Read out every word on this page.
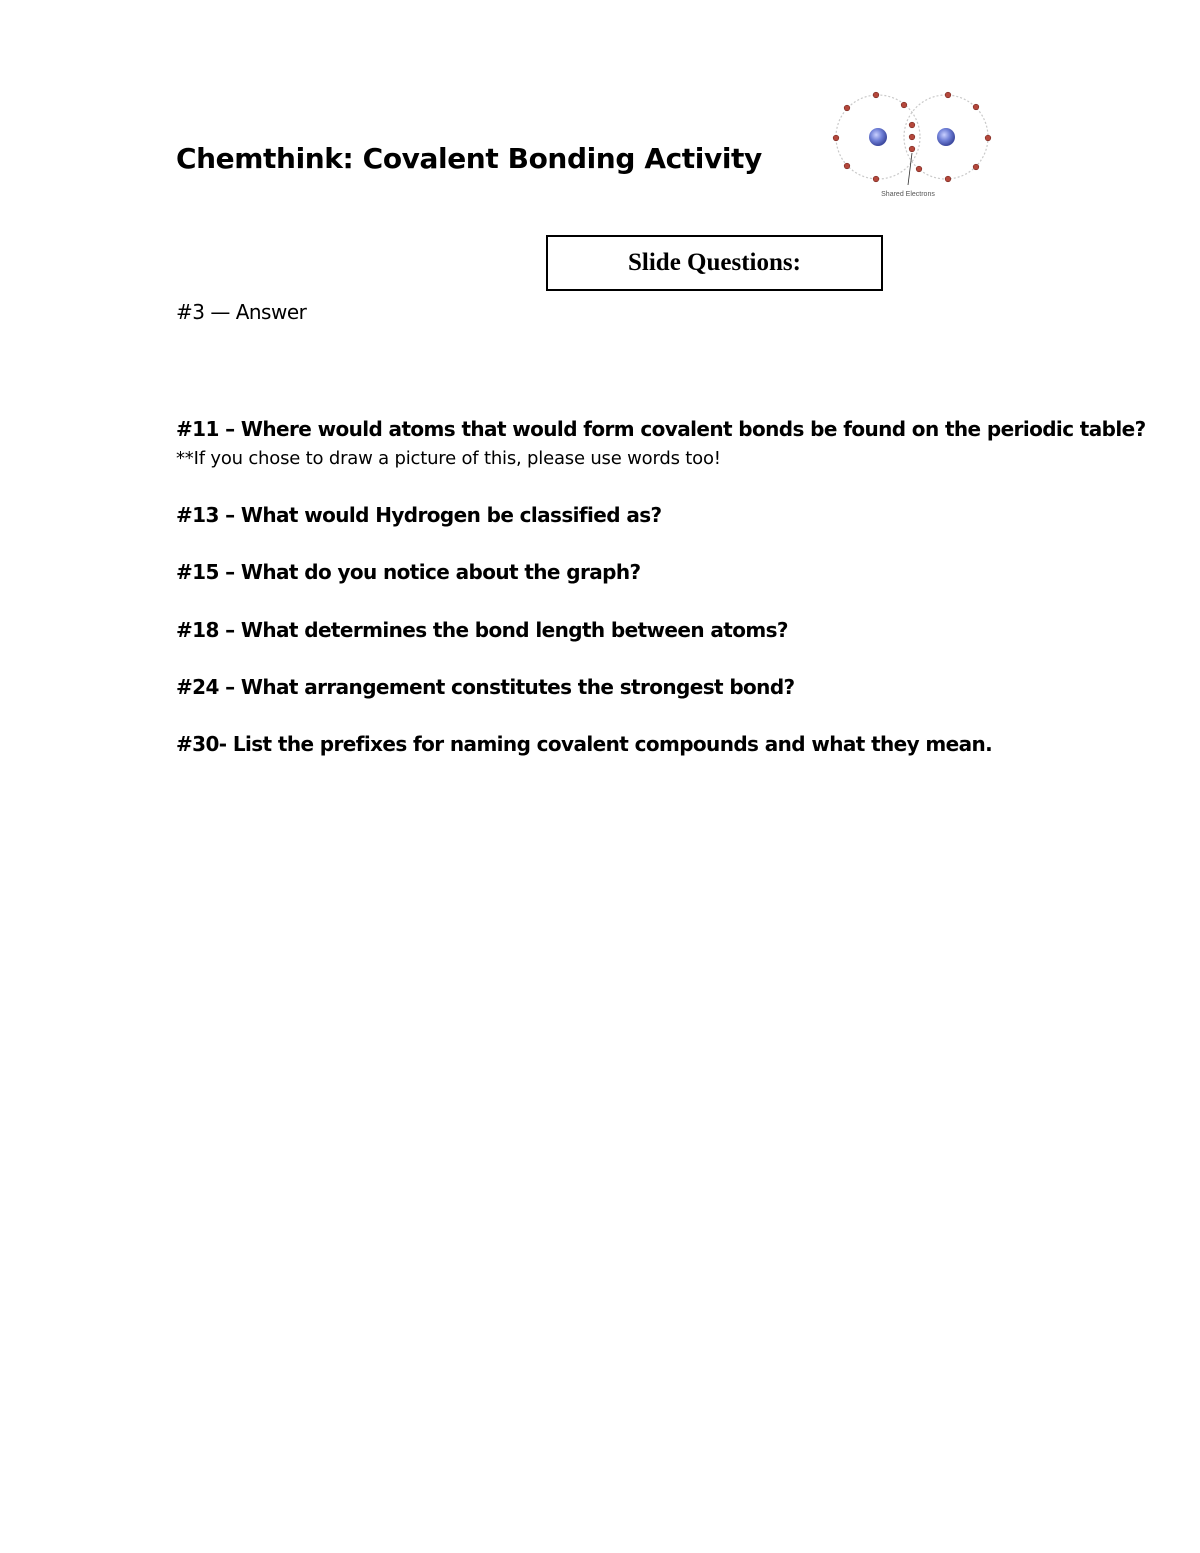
Chemthink: Covalent Bonding Activity
Shared Electrons
Slide Questions:
#3 — Answer
#11 – Where would atoms that would form covalent bonds be found on the periodic table?
**If you chose to draw a picture of this, please use words too!
#13 – What would Hydrogen be classified as?
#15 – What do you notice about the graph?
#18 – What determines the bond length between atoms?
#24 – What arrangement constitutes the strongest bond?
#30- List the prefixes for naming covalent compounds and what they mean.
